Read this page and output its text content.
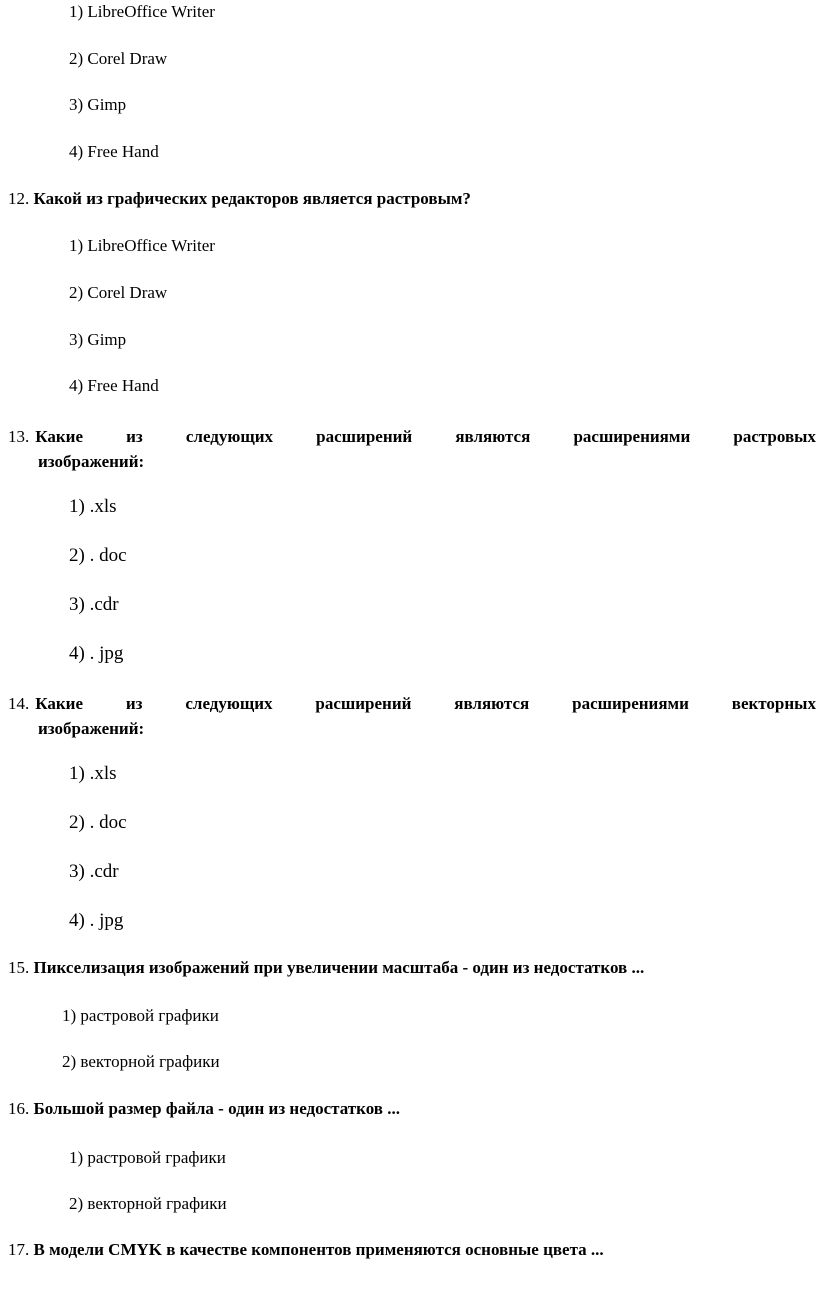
1) LibreOffice Writer
2) Corel Draw
3) Gimp
4) Free Hand
12. Какой из графических редакторов является растровым?
1) LibreOffice Writer
2) Corel Draw
3) Gimp
4) Free Hand
13. Какие	из	следующих	расширений	являются	расширениями	растровых
изображений:
1) .xls
2) . doc
3) .cdr
4) . jpg
14. Какие	из	следующих	расширений	являются	расширениями	векторных
изображений:
1) .xls
2) . doc
3) .cdr
4) . jpg
15. Пикселизация изображений при увеличении масштаба - один из недостатков ...
1) растровой графики
2) векторной графики
16. Большой размер файла - один из недостатков ...
1) растровой графики
2) векторной графики
17. В модели CMYK в качестве компонентов применяются основные цвета ...
